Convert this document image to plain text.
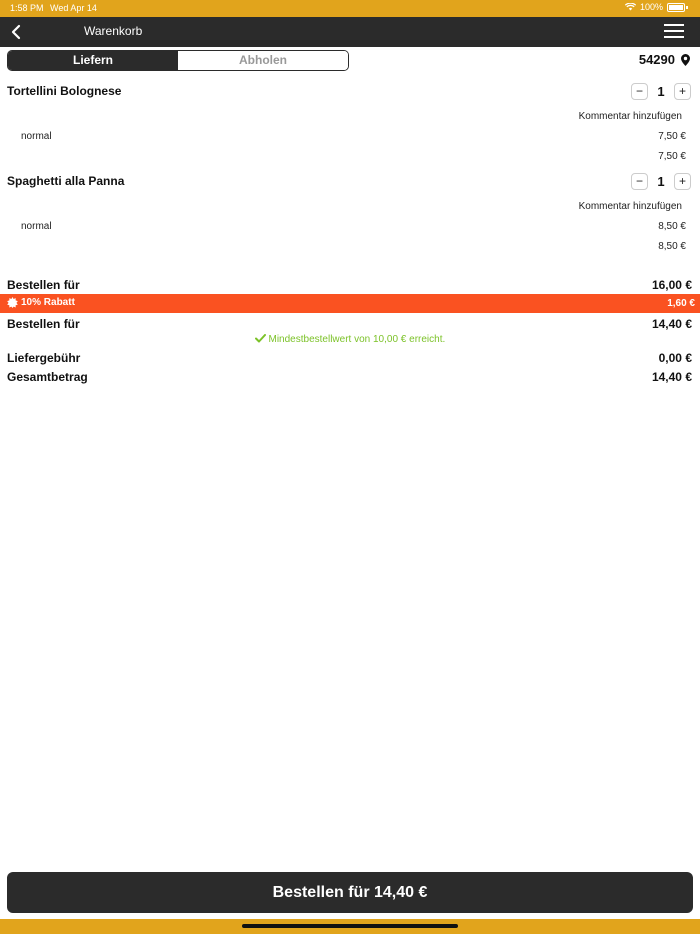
1:58 PM Wed Apr 14	100%
Warenkorb
Liefern	Abholen	54290
Tortellini Bolognese	−	1	+
Kommentar hinzufügen
normal	7,50 €
7,50 €
Spaghetti alla Panna	−	1	+
Kommentar hinzufügen
normal	8,50 €
8,50 €
Bestellen für	16,00 €
10% Rabatt	1,60 €
Bestellen für	14,40 €
Mindestbestellwert von 10,00 € erreicht.
Liefergebühr	0,00 €
Gesamtbetrag	14,40 €
Bestellen für 14,40 €
